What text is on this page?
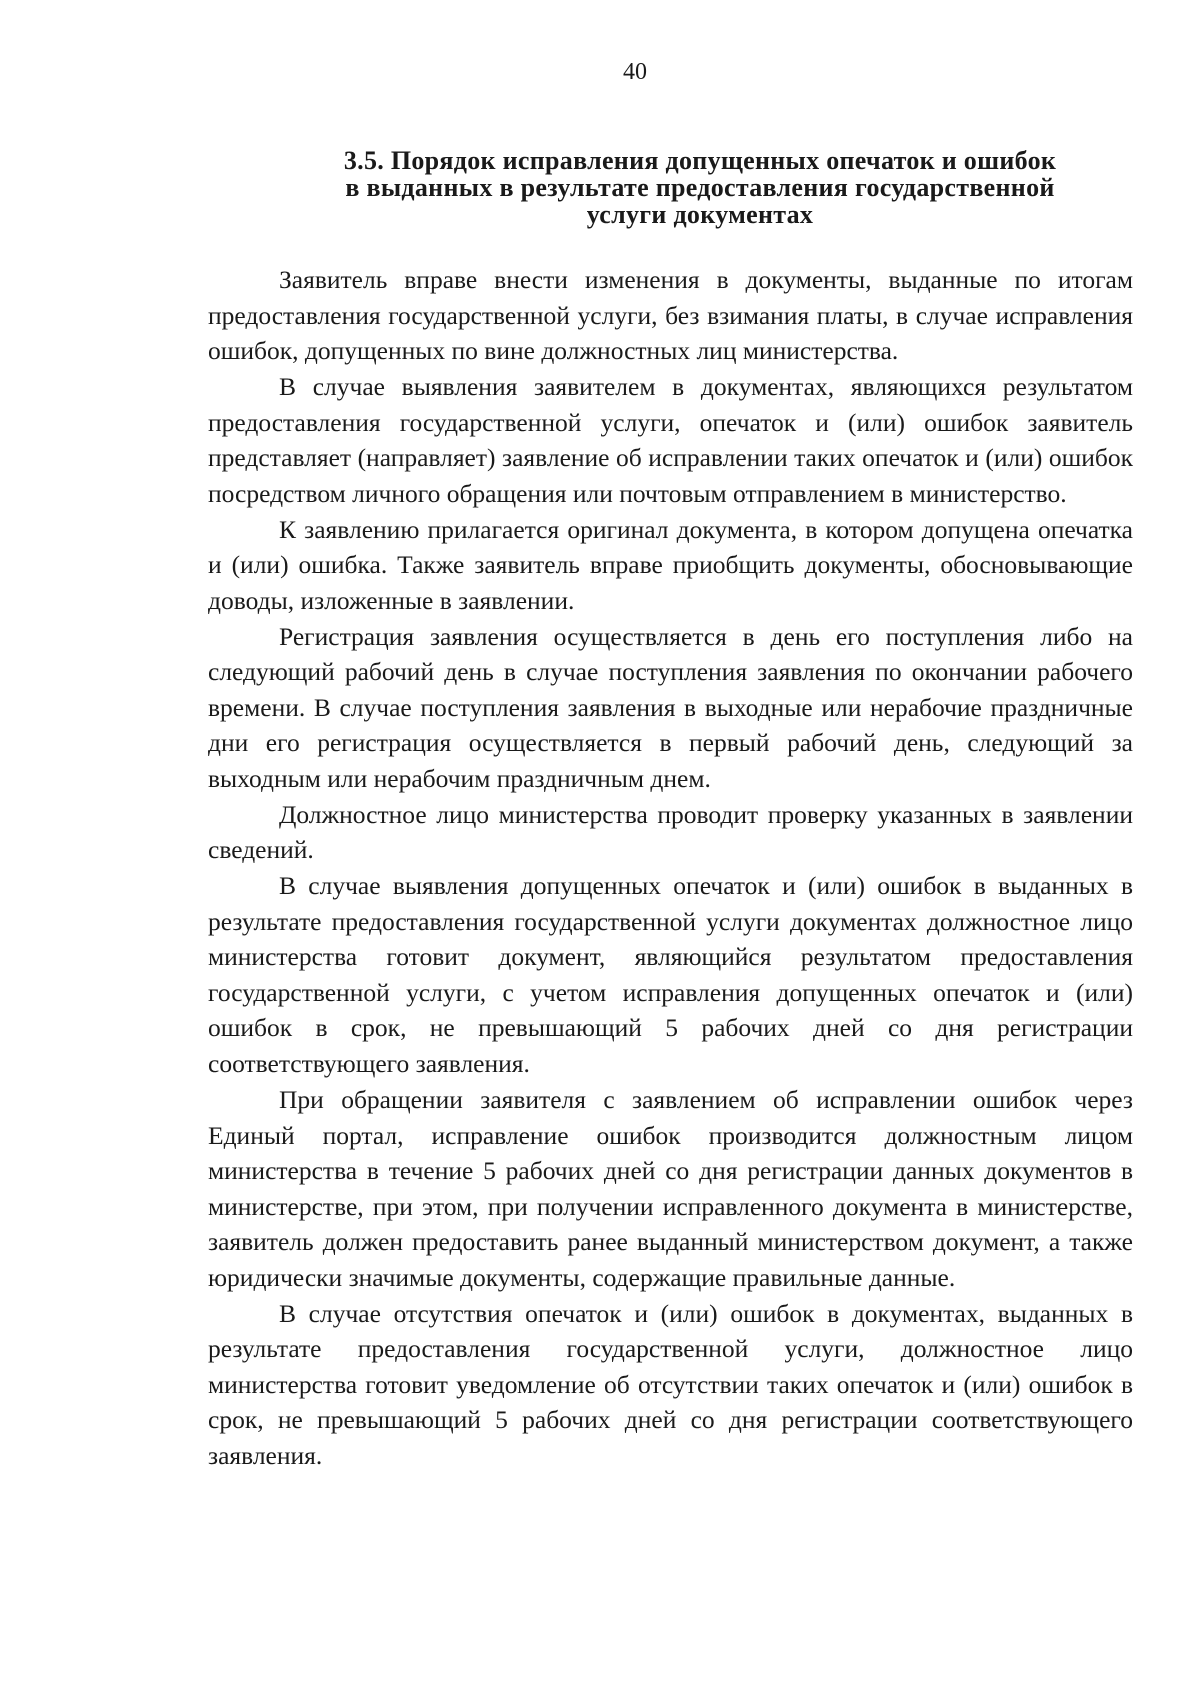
40
3.5. Порядок исправления допущенных опечаток и ошибок
в выданных в результате предоставления государственной
услуги документах

Заявитель вправе внести изменения в документы, выданные по итогам предоставления государственной услуги, без взимания платы, в случае исправления ошибок, допущенных по вине должностных лиц министерства.

В случае выявления заявителем в документах, являющихся результатом предоставления государственной услуги, опечаток и (или) ошибок заявитель представляет (направляет) заявление об исправлении таких опечаток и (или) ошибок посредством личного обращения или почтовым отправлением в министерство.

К заявлению прилагается оригинал документа, в котором допущена опечатка и (или) ошибка. Также заявитель вправе приобщить документы, обосновывающие доводы, изложенные в заявлении.

Регистрация заявления осуществляется в день его поступления либо на следующий рабочий день в случае поступления заявления по окончании рабочего времени. В случае поступления заявления в выходные или нерабочие праздничные дни его регистрация осуществляется в первый рабочий день, следующий за выходным или нерабочим праздничным днем.

Должностное лицо министерства проводит проверку указанных в заявлении сведений.

В случае выявления допущенных опечаток и (или) ошибок в выданных в результате предоставления государственной услуги документах должностное лицо министерства готовит документ, являющийся результатом предоставления государственной услуги, с учетом исправления допущенных опечаток и (или) ошибок в срок, не превышающий 5 рабочих дней со дня регистрации соответствующего заявления.

При обращении заявителя с заявлением об исправлении ошибок через Единый портал, исправление ошибок производится должностным лицом министерства в течение 5 рабочих дней со дня регистрации данных документов в министерстве, при этом, при получении исправленного документа в министерстве, заявитель должен предоставить ранее выданный министерством документ, а также юридически значимые документы, содержащие правильные данные.

В случае отсутствия опечаток и (или) ошибок в документах, выданных в результате предоставления государственной услуги, должностное лицо министерства готовит уведомление об отсутствии таких опечаток и (или) ошибок в срок, не превышающий 5 рабочих дней со дня регистрации соответствующего заявления.
